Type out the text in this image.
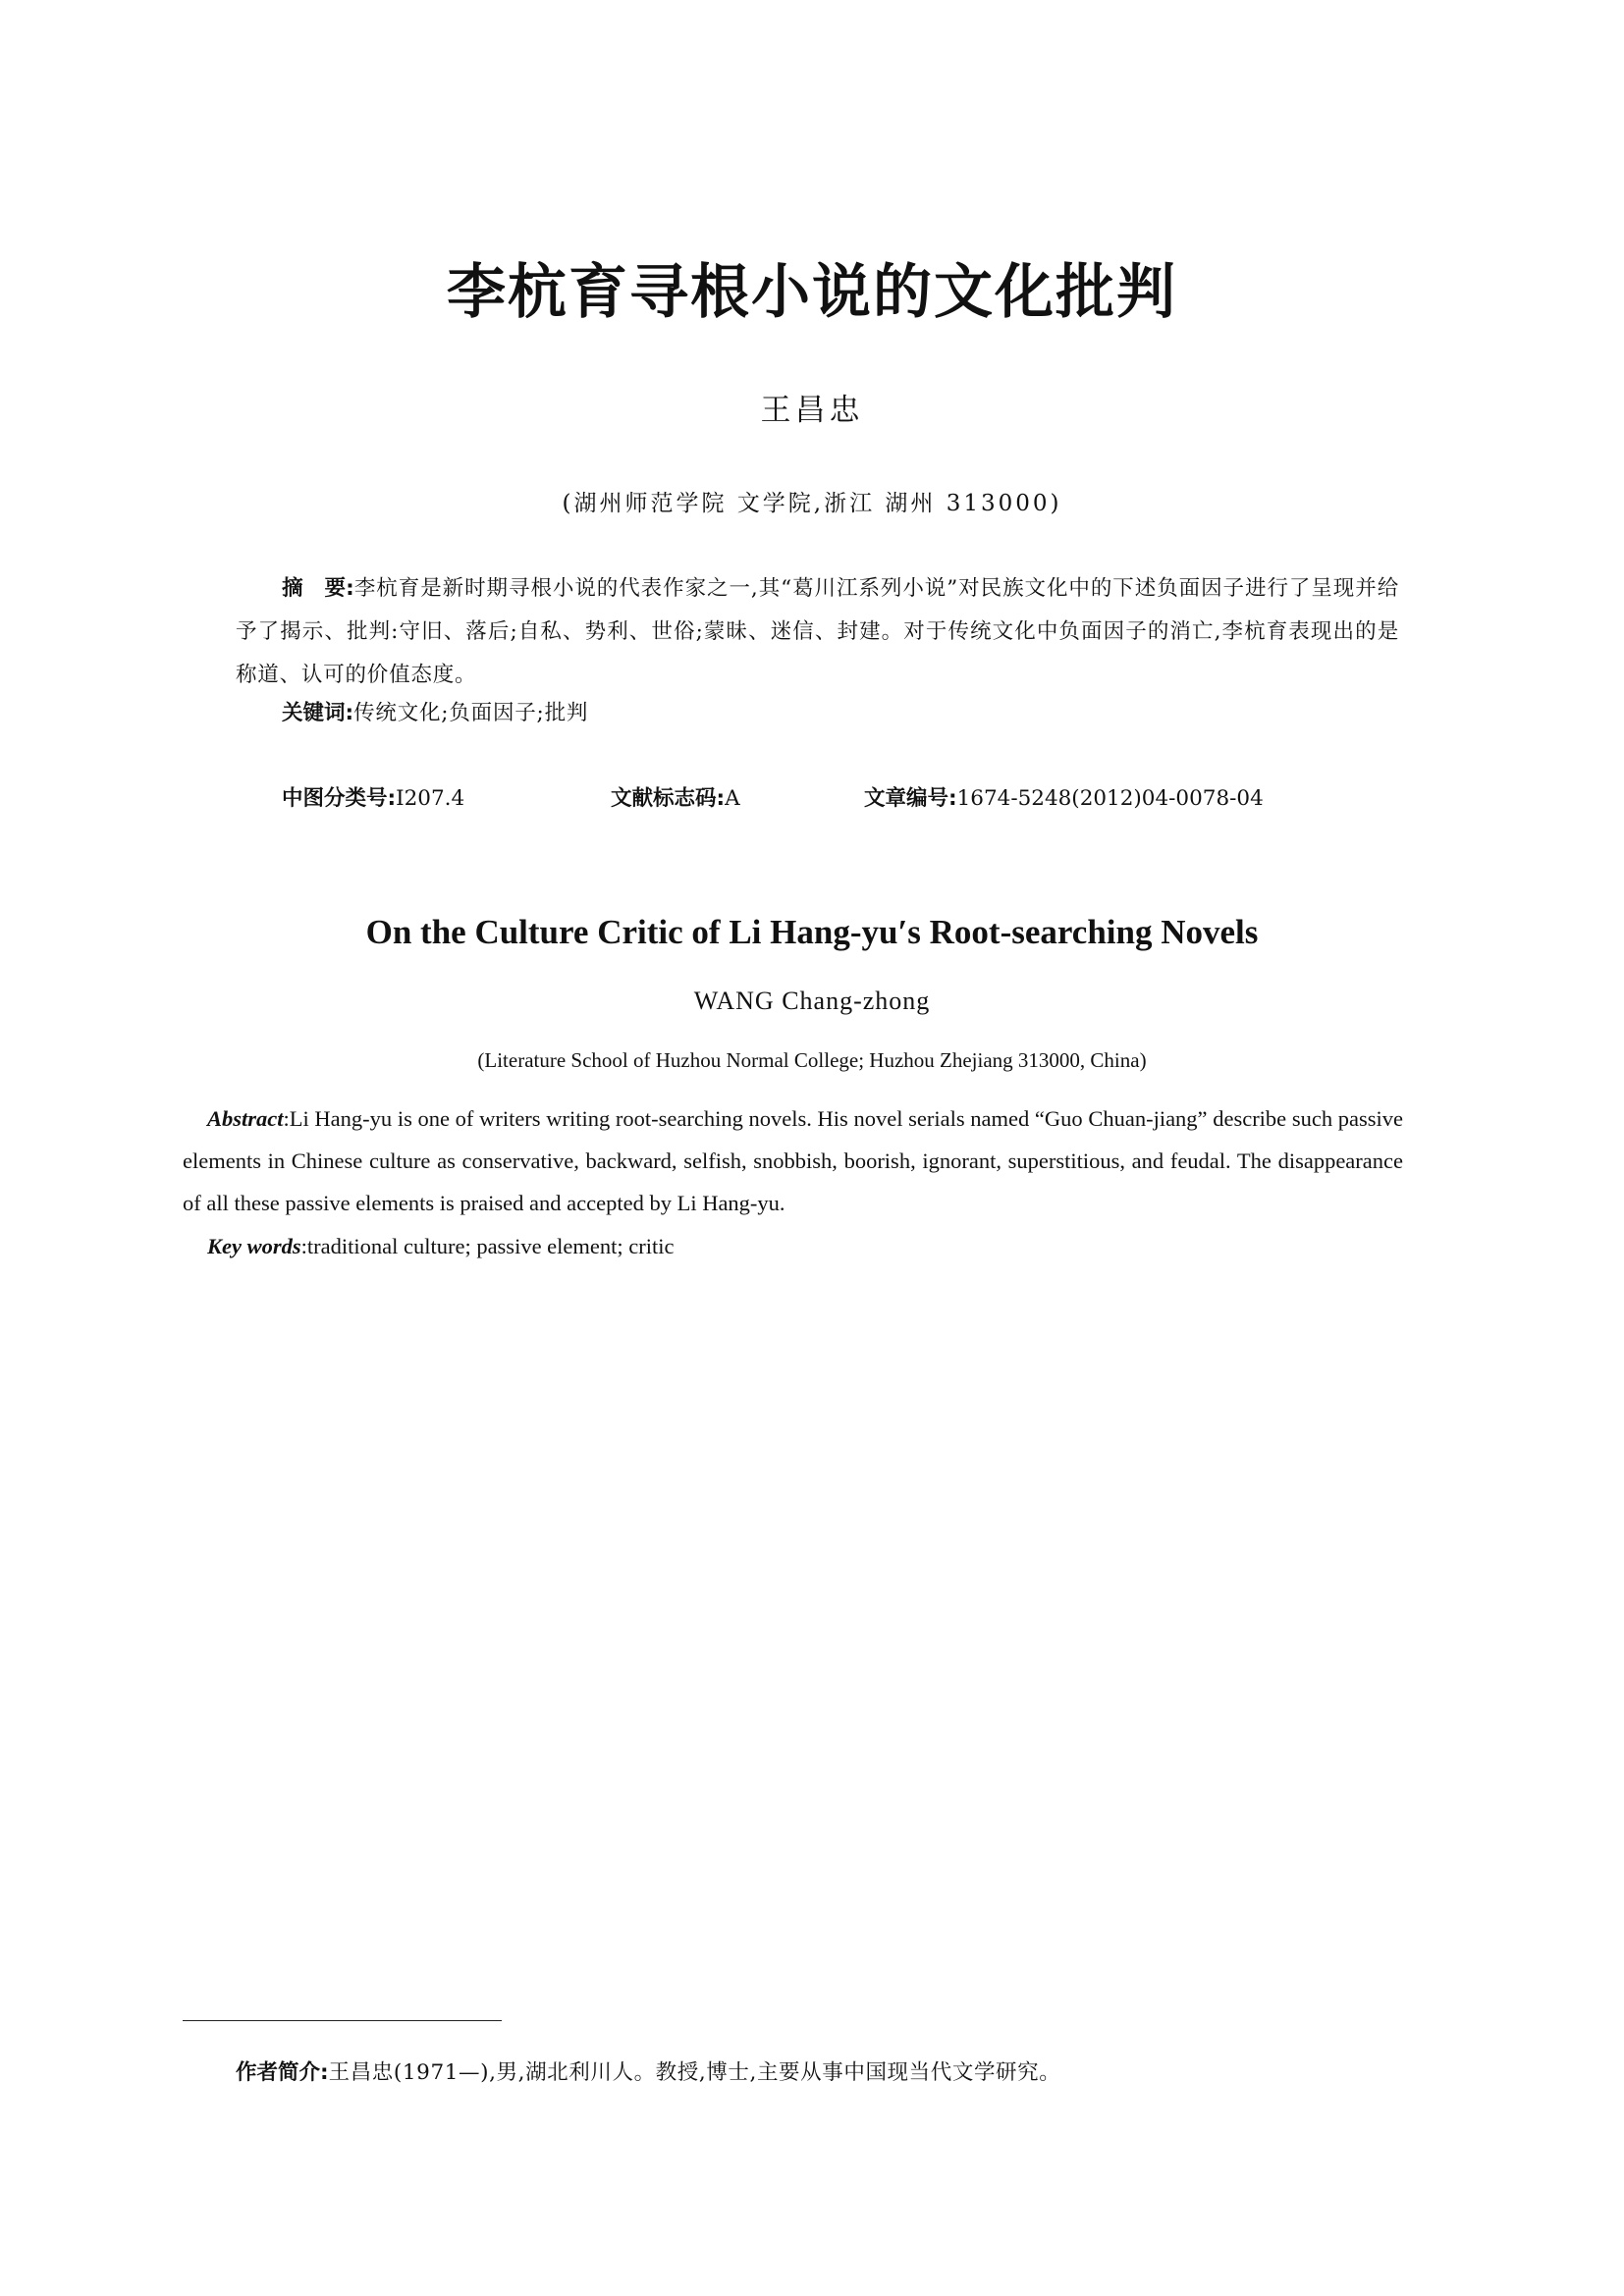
李杭育寻根小说的文化批判
王昌忠
(湖州师范学院 文学院,浙江 湖州 313000)
摘　要:李杭育是新时期寻根小说的代表作家之一,其“葛川江系列小说”对民族文化中的下述负面因子进行了呈现并给予了揭示、批判:守旧、落后;自私、势利、世俗;蒙昧、迷信、封建。对于传统文化中负面因子的消亡,李杭育表现出的是称道、认可的价值态度。
关键词:传统文化;负面因子;批判
中图分类号:I207.4	文献标志码:A	文章编号:1674-5248(2012)04-0078-04
On the Culture Critic of Li Hang-yu′s Root-searching Novels
WANG Chang-zhong
(Literature School of Huzhou Normal College; Huzhou Zhejiang 313000, China)
Abstract:Li Hang-yu is one of writers writing root-searching novels. His novel serials named “Guo Chuan-jiang” describe such passive elements in Chinese culture as conservative, backward, selfish, snobbish, boorish, ignorant, superstitious, and feudal. The disappearance of all these passive elements is praised and accepted by Li Hang-yu.
Key words:traditional culture; passive element; critic
作者简介:王昌忠(1971—),男,湖北利川人。教授,博士,主要从事中国现当代文学研究。
